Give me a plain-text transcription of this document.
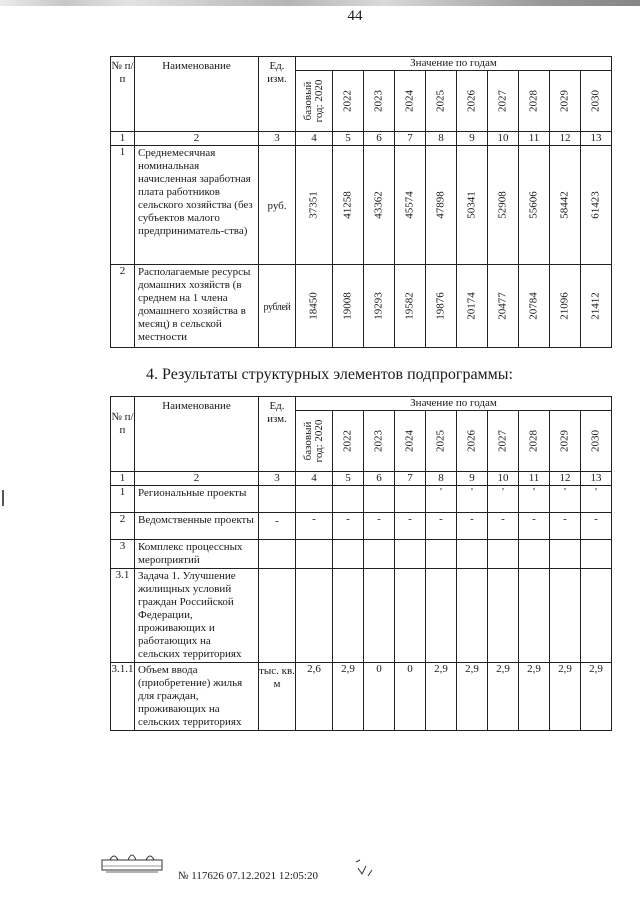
44
№ п/п	Наименование	Ед. изм.	Значение по годам									

			базовый год: 2020	2022	2023	2024	2025	2026	2027	2028	2029	2030

1	2	3	4	5	6	7	8	9	10	11	12	13
1	Среднемесячная номинальная начисленная заработная плата работников сельского хозяйства (без субъектов малого предприниматель-ства)	руб.	37351	41258	43362	45574	47898	50341	52908	55606	58442	61423

2	Располагаемые ресурсы домашних хозяйств (в среднем на 1 члена домашнего хозяйства в месяц) в сельской местности	рублей	18450	19008	19293	19582	19876	20174	20477	20784	21096	21412
4. Результаты структурных элементов подпрограммы:
№ п/п	Наименование	Ед. изм.	Значение по годам									

			базовый год: 2020	2022	2023	2024	2025	2026	2027	2028	2029	2030

1	2	3	4	5	6	7	8	9	10	11	12	13
1	Региональные проекты						'	'	'	'	'	'
2	Ведомственные проекты	-	-	-	-	-	-	-	-	-	-	-
3	Комплекс процессных мероприятий											
3.1	Задача 1. Улучшение жилищных условий граждан Российской Федерации, проживающих и работающих на сельских территориях											
3.1.1	Объем ввода (приобретение) жилья для граждан, проживающих на сельских территориях	тыс. кв. м	2,6	2,9	0	0	2,9	2,9	2,9	2,9	2,9	2,9
№ 117626 07.12.2021 12:05:20
